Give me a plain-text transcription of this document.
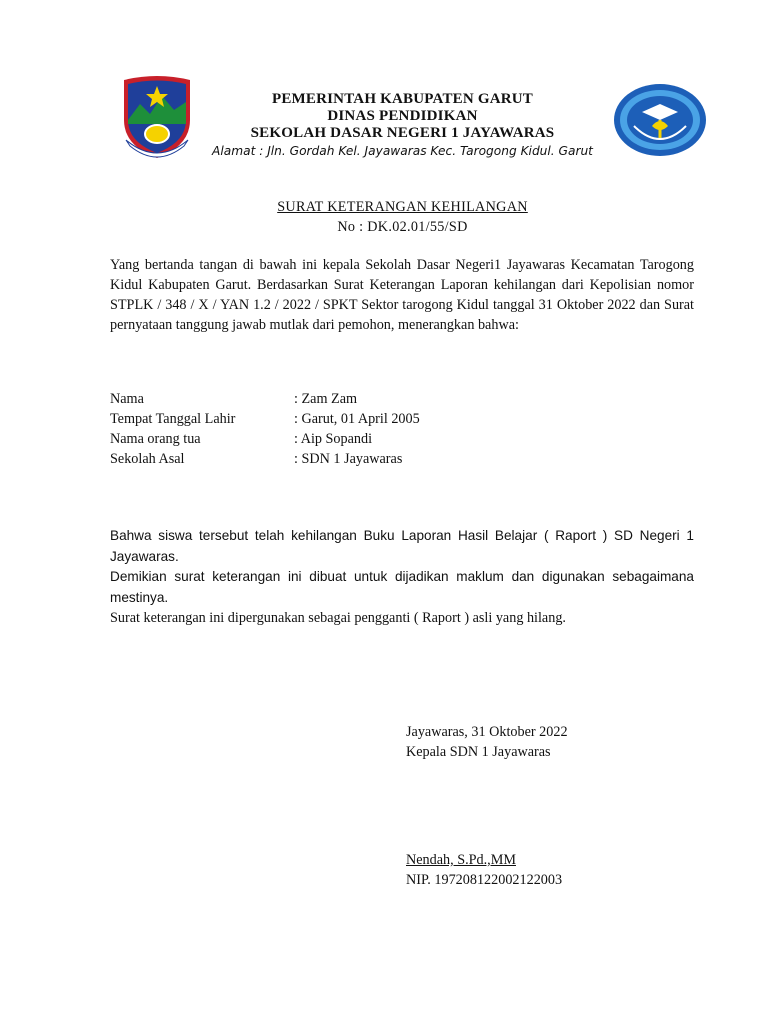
PEMERINTAH KABUPATEN GARUT
DINAS PENDIDIKAN
SEKOLAH DASAR NEGERI 1 JAYAWARAS
Alamat : Jln. Gordah Kel. Jayawaras Kec. Tarogong Kidul. Garut
SURAT KETERANGAN KEHILANGAN
No : DK.02.01/55/SD

Yang bertanda tangan di bawah ini kepala Sekolah Dasar Negeri1 Jayawaras Kecamatan Tarogong Kidul Kabupaten Garut. Berdasarkan Surat Keterangan Laporan kehilangan dari Kepolisian nomor STPLK / 348 / X / YAN 1.2 / 2022 / SPKT Sektor tarogong Kidul tanggal 31 Oktober 2022 dan Surat pernyataan tanggung jawab mutlak dari pemohon, menerangkan bahwa:

Nama	: Zam Zam
Tempat Tanggal Lahir	: Garut, 01 April 2005
Nama orang tua	: Aip Sopandi
Sekolah Asal	: SDN 1 Jayawaras

Bahwa siswa tersebut telah kehilangan Buku Laporan Hasil Belajar ( Raport ) SD Negeri 1 Jayawaras.

Demikian surat keterangan ini dibuat untuk dijadikan maklum dan digunakan sebagaimana mestinya.

Surat keterangan ini dipergunakan sebagai pengganti ( Raport ) asli yang hilang.

Jayawaras, 31 Oktober 2022
Kepala SDN 1 Jayawaras
Nendah, S.Pd.,MM
NIP. 197208122002122003
